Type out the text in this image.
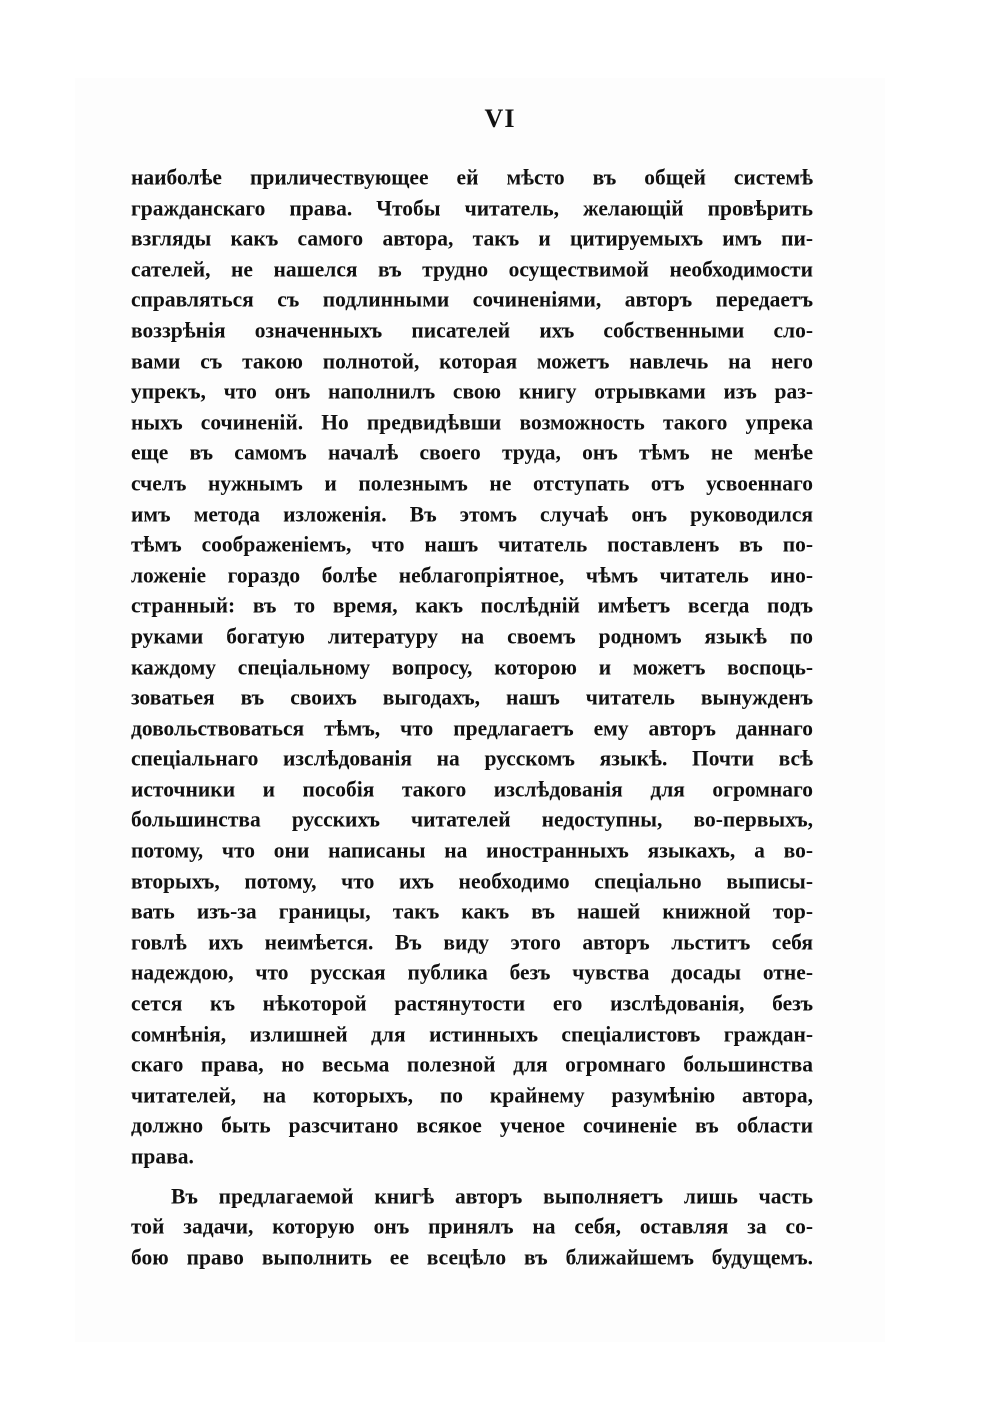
VI
наиболѣе приличествующее ей мѣсто въ общей системѣ
гражданскаго права. Чтобы читатель, желающій провѣрить
взгляды какъ самого автора, такъ и цитируемыхъ имъ пи-
сателей, не нашелся въ трудно осуществимой необходимости
справляться съ подлинными сочиненіями, авторъ передаетъ
воззрѣнія означенныхъ писателей ихъ собственными сло-
вами съ такою полнотой, которая можетъ навлечь на него
упрекъ, что онъ наполнилъ свою книгу отрывками изъ раз-
ныхъ сочиненій. Но предвидѣвши возможность такого упрека
еще въ самомъ началѣ своего труда, онъ тѣмъ не менѣе
счелъ нужнымъ и полезнымъ не отступать отъ усвоеннаго
имъ метода изложенія. Въ этомъ случаѣ онъ руководился
тѣмъ соображеніемъ, что нашъ читатель поставленъ въ по-
ложеніе гораздо болѣе неблагопріятное, чѣмъ читатель ино-
странный: въ то время, какъ послѣдній имѣетъ всегда подъ
руками богатую литературу на своемъ родномъ языкѣ по
каждому спеціальному вопросу, которою и можетъ воспоць-
зоватьея въ своихъ выгодахъ, нашъ читатель вынужденъ
довольствоваться тѣмъ, что предлагаетъ ему авторъ даннаго
спеціальнаго изслѣдованія на русскомъ языкѣ. Почти всѣ
источники и пособія такого изслѣдованія для огромнаго
большинства русскихъ читателей недоступны, во-первыхъ,
потому, что они написаны на иностранныхъ языкахъ, а во-
вторыхъ, потому, что ихъ необходимо спеціально выписы-
вать изъ-за границы, такъ какъ въ нашей книжной тор-
говлѣ ихъ неимѣется. Въ виду этого авторъ льститъ себя
надеждою, что русская публика безъ чувства досады отне-
сется къ нѣкоторой растянутости его изслѣдованія, безъ
сомнѣнія, излишней для истинныхъ спеціалистовъ граждан-
скаго права, но весьма полезной для огромнаго большинства
читателей, на которыхъ, по крайнему разумѣнію автора,
должно быть разсчитано всякое ученое сочиненіе въ области
права.
Въ предлагаемой книгѣ авторъ выполняетъ лишь часть
той задачи, которую онъ принялъ на себя, оставляя за со-
бою право выполнить ее всецѣло въ ближайшемъ будущемъ.
